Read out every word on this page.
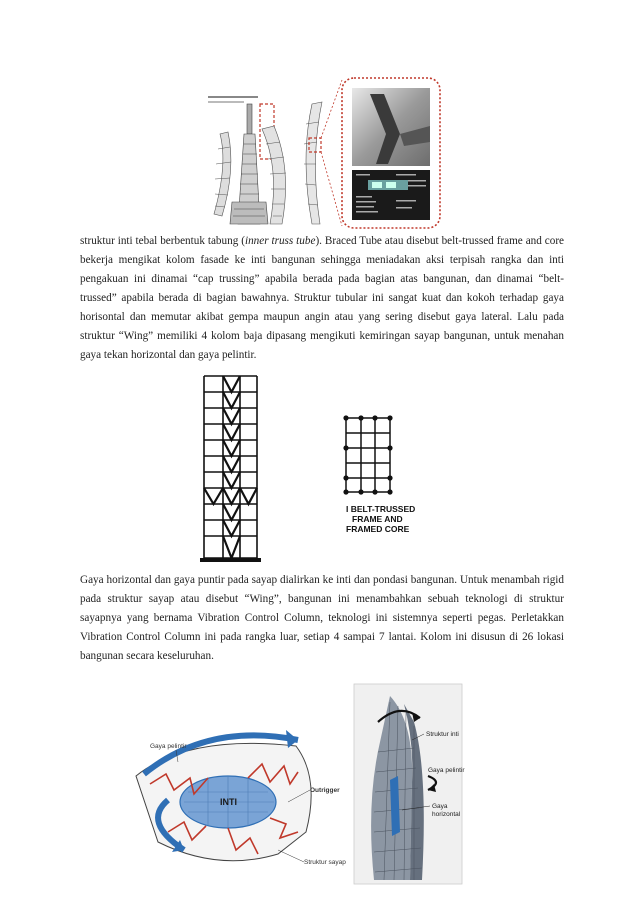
struktur inti tebal berbentuk tabung (inner truss tube). Braced Tube atau disebut belt-trussed frame and core bekerja mengikat kolom fasade ke inti bangunan sehingga meniadakan aksi terpisah rangka dan inti pengakuan ini dinamai “cap trussing” apabila berada pada bagian atas bangunan, dan dinamai “belt-trussed” apabila berada di bagian bawahnya. Struktur tubular ini sangat kuat dan kokoh terhadap gaya horisontal dan memutar akibat gempa maupun angin atau yang sering disebut gaya lateral. Lalu pada struktur “Wing” memiliki 4 kolom baja dipasang mengikuti kemiringan sayap bangunan, untuk menahan gaya tekan horizontal dan gaya pelintir.

I BELT-TRUSSED
FRAME AND
FRAMED CORE

Gaya horizontal dan gaya puntir pada sayap dialirkan ke inti dan pondasi bangunan. Untuk menambah rigid pada struktur sayap atau disebut “Wing”, bangunan ini menambahkan sebuah teknologi di struktur sayapnya yang bernama Vibration Control Column, teknologi ini sistemnya seperti pegas. Perletakkan Vibration Control Column ini pada rangka luar, setiap 4 sampai 7 lantai. Kolom ini disusun di 26 lokasi bangunan secara keseluruhan.

INTI
Gaya pelintir
Outrigger
Struktur sayap
Struktur inti
Gaya pelintir
Gaya
horizontal
